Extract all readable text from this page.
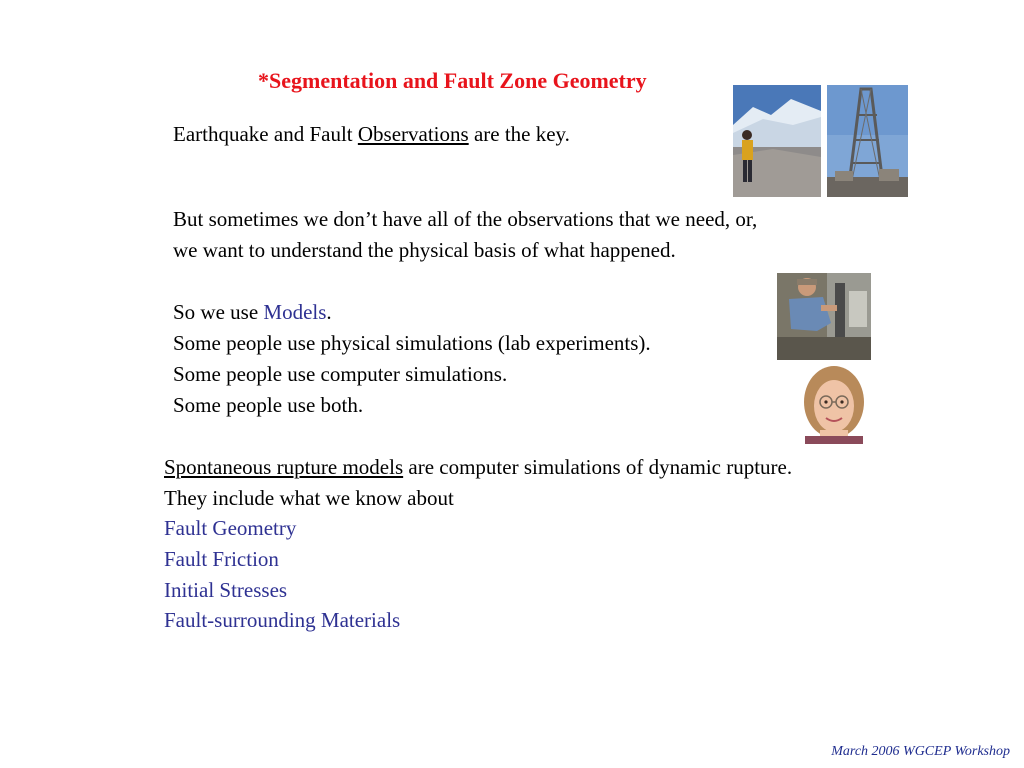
*Segmentation and Fault Zone Geometry
Earthquake and Fault Observations are the key.
But sometimes we don’t have all of the observations that we need, or,
we want to understand the physical basis of what happened.
So we use Models.
Some people use physical simulations (lab experiments).
Some people use computer simulations.
Some people use both.
Spontaneous rupture models are computer simulations of dynamic rupture.
They include what we know about
Fault Geometry
Fault Friction
Initial Stresses
Fault-surrounding Materials
March 2006 WGCEP Workshop
